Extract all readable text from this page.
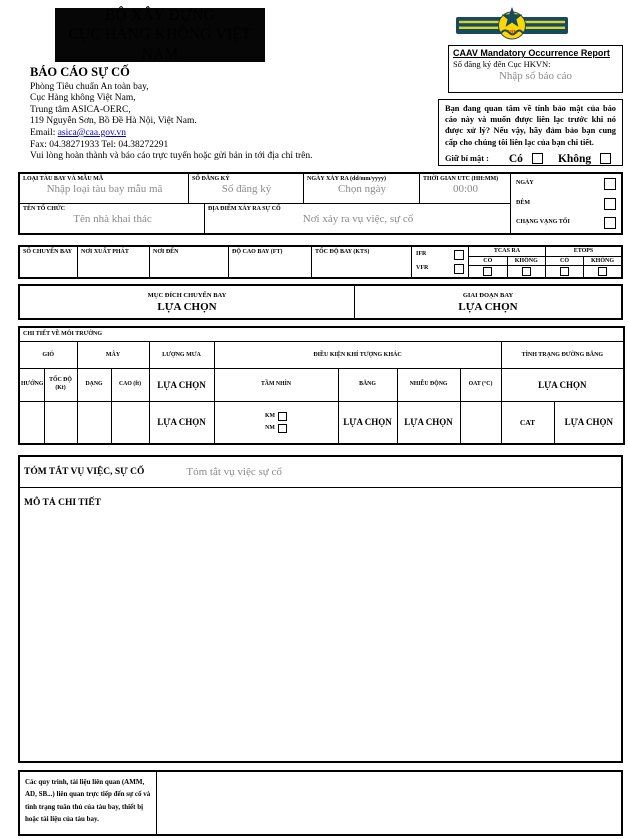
BỘ XÂY DỰNG
CỤC HÀNG KHÔNG VIỆT NAM
CHK
CAAV Mandatory Occurrence Report
Số đăng ký đến Cục HKVN:
Nhập số báo cáo
BÁO CÁO SỰ CỐ
Phòng Tiêu chuẩn An toàn bay,
Cục Hàng không Việt Nam,
Trung tâm ASICA-OERC,
119 Nguyễn Sơn, Bồ Đề Hà Nội, Việt Nam.
Email: asica@caa.gov.vn
Fax: 04.38271933 Tel: 04.38272291
Vui lòng hoàn thành và báo cáo trực tuyến hoặc gửi bản in tới địa chỉ trên.
Bạn đang quan tâm về tính bảo mật của báo cáo này và muốn được liên lạc trước khi nó được xử lý? Nếu vậy, hãy đảm bảo bạn cung cấp cho chúng tôi liên lạc của bạn chi tiết.
Giữ bí mật : Có	Không
LOẠI TÀU BAY VÀ MẪU MÃ
Nhập loại tàu bay mẫu mã
SỐ ĐĂNG KÝ
Số đăng ký
NGÀY XẢY RA (dd/mm/yyyy)
Chọn ngày
THỜI GIAN UTC (HH:MM)
00:00
TÊN TỔ CHỨC
Tên nhà khai thác
ĐỊA ĐIỂM XẢY RA SỰ CỐ
Nơi xảy ra vụ việc, sự cố
NGÀY
ĐÊM
CHẠNG VẠNG TỐI
SỐ CHUYẾN BAY	NƠI XUẤT PHÁT	NƠI ĐẾN	ĐỘ CAO BAY (FT)	TỐC ĐỘ BAY (KTS)	IFR
VFR
TCAS RA
CÓ	KHÔNG
ETOPS
CÓ	KHÔNG
MỤC ĐÍCH CHUYẾN BAY
LỰA CHỌN
GIAI ĐOẠN BAY
LỰA CHỌN
CHI TIẾT VỀ MÔI TRƯỜNG										
GIÓ		MÂY		LƯỢNG MƯA	ĐIỀU KIỆN KHÍ TƯỢNG KHÁC				TÌNH TRẠNG ĐƯỜNG BĂNG	
HƯỚNG	TỐC ĐỘ (Kt)	DẠNG	CAO (ft)	LỰA CHỌN	TẦM NHÌN	BĂNG	NHIỄU ĐỘNG	OAT (°C)	LỰA CHỌN	
				LỰA CHỌN	KM
NM	LỰA CHỌN	LỰA CHỌN		CAT	LỰA CHỌN
TÓM TẮT VỤ VIỆC, SỰ CỐ	Tóm tắt vụ việc sự cố
MÔ TẢ CHI TIẾT
Các quy trình, tài liệu liên quan (AMM, AD, SB...) liên quan trực tiếp đến sự cố và tình trạng tuân thủ của tàu bay, thiết bị hoặc tài liệu của tàu bay.
